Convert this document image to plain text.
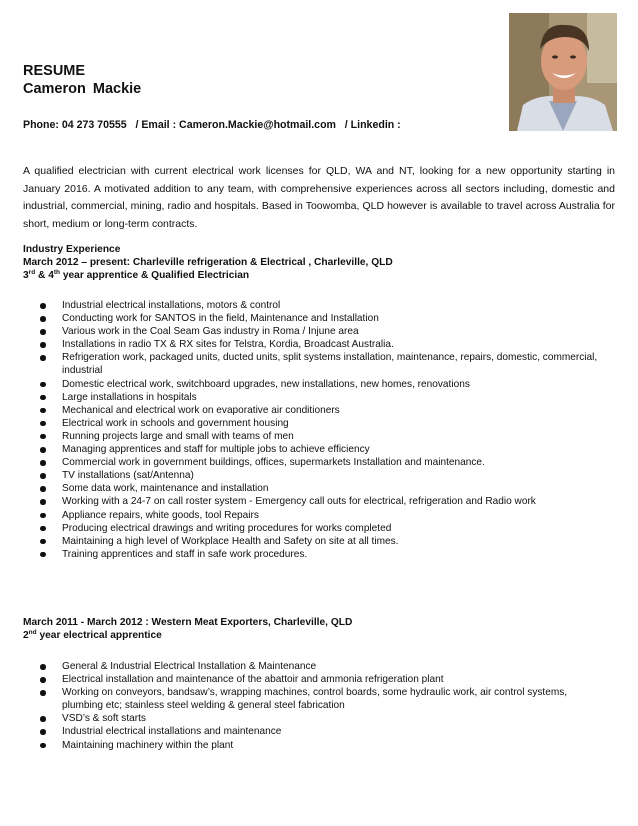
RESUME
Cameron Mackie
Phone: 04 273 70555   / Email : Cameron.Mackie@hotmail.com   / Linkedin :

A qualified electrician with current electrical work licenses for QLD, WA and NT, looking for a new opportunity starting in January 2016. A motivated addition to any team, with comprehensive experiences across all sectors including, domestic and industrial, commercial, mining, radio and hospitals. Based in Toowomba, QLD however is available to travel across Australia for short, medium or long-term contracts.

Industry Experience
March 2012 – present: Charleville refrigeration & Electrical , Charleville, QLD
3rd & 4th year apprentice & Qualified Electrician
Industrial electrical installations, motors & control
Conducting work for SANTOS in the field, Maintenance and Installation
Various work in the Coal Seam Gas industry in Roma / Injune area
Installations in radio TX & RX sites for Telstra, Kordia, Broadcast Australia.
Refrigeration work, packaged units, ducted units, split systems installation, maintenance, repairs, domestic, commercial, industrial
Domestic electrical work, switchboard upgrades, new installations, new homes, renovations
Large installations in hospitals
Mechanical and electrical work on evaporative air conditioners
Electrical work in schools and government housing
Running projects large and small with teams of men
Managing apprentices and staff for multiple jobs to achieve efficiency
Commercial work in government buildings, offices, supermarkets Installation and maintenance.
TV installations (sat/Antenna)
Some data work, maintenance and installation
Working with a 24-7 on call roster system - Emergency call outs for electrical, refrigeration and Radio work
Appliance repairs, white goods, tool Repairs
Producing electrical drawings and writing procedures for works completed
Maintaining a high level of Workplace Health and Safety on site at all times.
Training apprentices and staff in safe work procedures.
March 2011 - March 2012 : Western Meat Exporters, Charleville, QLD
2nd year electrical apprentice
General & Industrial Electrical Installation & Maintenance
Electrical installation and maintenance of the abattoir and ammonia refrigeration plant
Working on conveyors, bandsaw’s, wrapping machines, control boards, some hydraulic work, air control systems, plumbing etc; stainless steel welding & general steel fabrication
VSD’s & soft starts
Industrial electrical installations and maintenance
Maintaining machinery within the plant
